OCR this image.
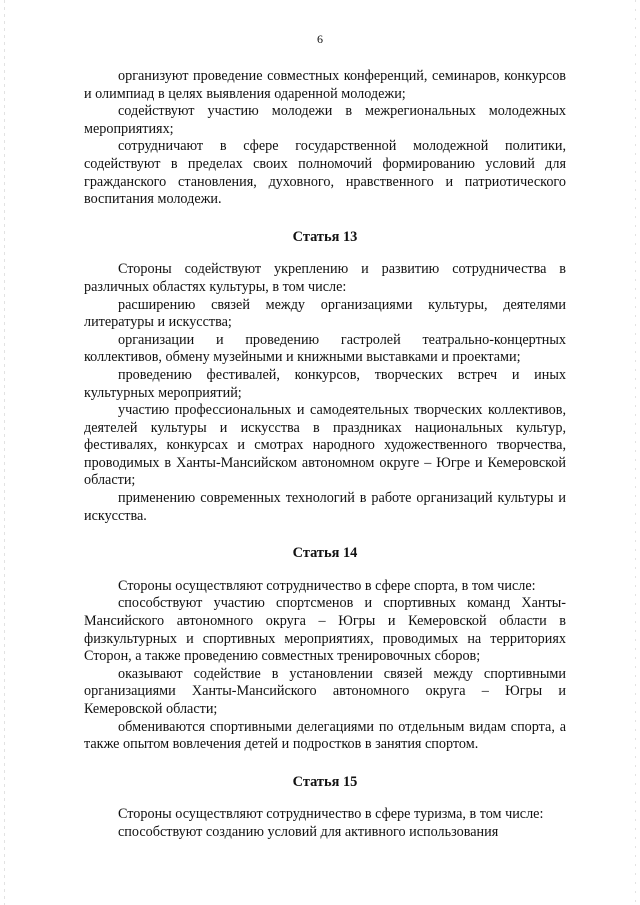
6

организуют проведение совместных конференций, семинаров, конкурсов и олимпиад в целях выявления одаренной молодежи;

содействуют участию молодежи в межрегиональных молодежных мероприятиях;

сотрудничают в сфере государственной молодежной политики, содействуют в пределах своих полномочий формированию условий для гражданского становления, духовного, нравственного и патриотического воспитания молодежи.

Статья 13

Стороны содействуют укреплению и развитию сотрудничества в различных областях культуры, в том числе:

расширению связей между организациями культуры, деятелями литературы и искусства;

организации и проведению гастролей театрально-концертных коллективов, обмену музейными и книжными выставками и проектами;

проведению фестивалей, конкурсов, творческих встреч и иных культурных мероприятий;

участию профессиональных и самодеятельных творческих коллективов, деятелей культуры и искусства в праздниках национальных культур, фестивалях, конкурсах и смотрах народного художественного творчества, проводимых в Ханты-Мансийском автономном округе – Югре и Кемеровской области;

применению современных технологий в работе организаций культуры и искусства.

Статья 14

Стороны осуществляют сотрудничество в сфере спорта, в том числе:

способствуют участию спортсменов и спортивных команд Ханты-Мансийского автономного округа – Югры и Кемеровской области в физкультурных и спортивных мероприятиях, проводимых на территориях Сторон, а также проведению совместных тренировочных сборов;

оказывают содействие в установлении связей между спортивными организациями Ханты-Мансийского автономного округа – Югры и Кемеровской области;

обмениваются спортивными делегациями по отдельным видам спорта, а также опытом вовлечения детей и подростков в занятия спортом.

Статья 15

Стороны осуществляют сотрудничество в сфере туризма, в том числе:

способствуют созданию условий для активного использования
